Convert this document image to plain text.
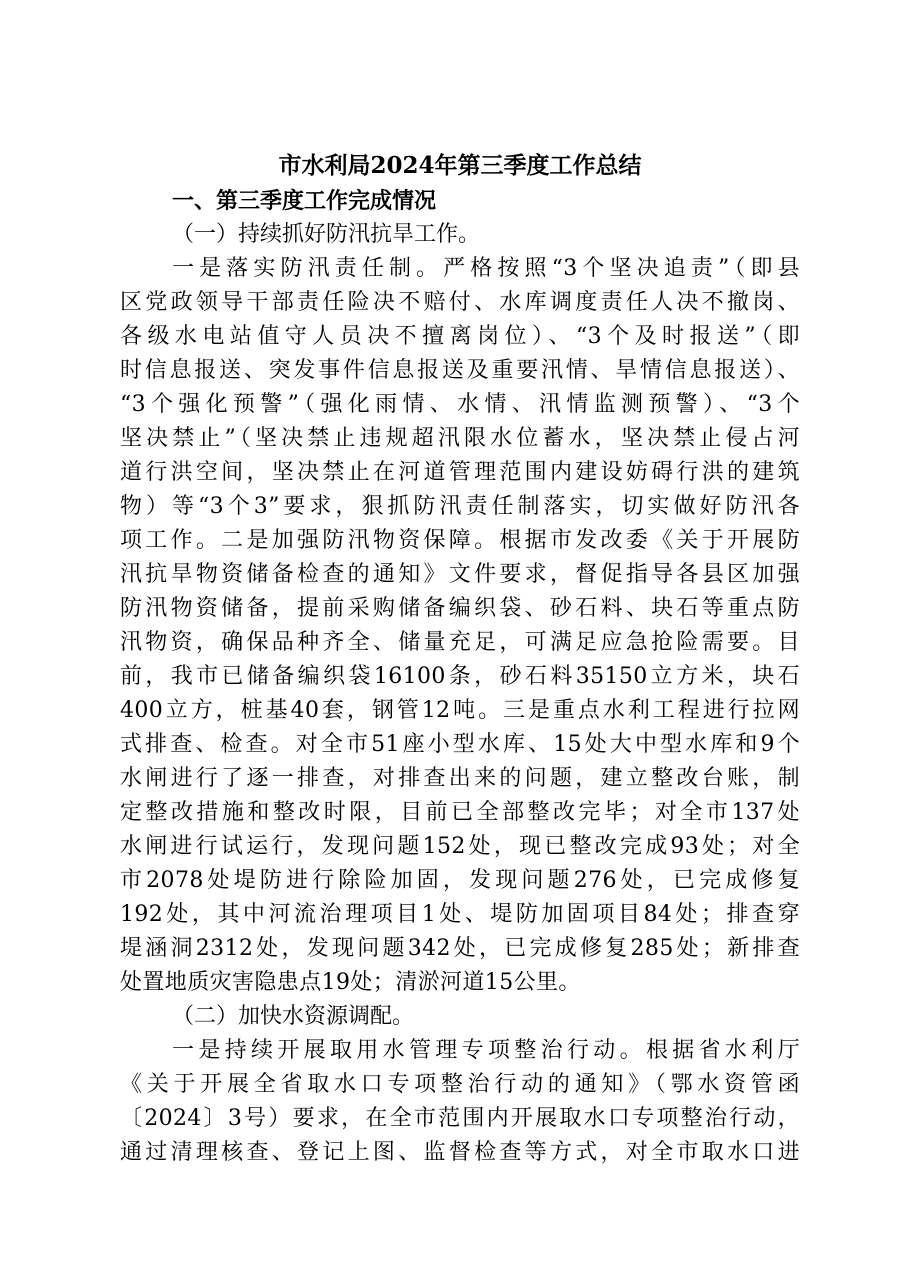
市水利局2024年第三季度工作总结
一、第三季度工作完成情况
（一）持续抓好防汛抗旱工作。
一是落实防汛责任制。严格按照“3个坚决追责”（即县
区党政领导干部责任险决不赔付、水库调度责任人决不撤岗、
各级水电站值守人员决不擅离岗位）、“3个及时报送”（即
时信息报送、突发事件信息报送及重要汛情、旱情信息报送）、
“3个强化预警”（强化雨情、水情、汛情监测预警）、“3个
坚决禁止”（坚决禁止违规超汛限水位蓄水，坚决禁止侵占河
道行洪空间，坚决禁止在河道管理范围内建设妨碍行洪的建筑
物）等“3个3”要求，狠抓防汛责任制落实，切实做好防汛各
项工作。二是加强防汛物资保障。根据市发改委《关于开展防
汛抗旱物资储备检查的通知》文件要求，督促指导各县区加强
防汛物资储备，提前采购储备编织袋、砂石料、块石等重点防
汛物资，确保品种齐全、储量充足，可满足应急抢险需要。目
前，我市已储备编织袋16100条，砂石料35150立方米，块石
400立方，桩基40套，钢管12吨。三是重点水利工程进行拉网
式排查、检查。对全市51座小型水库、15处大中型水库和9个
水闸进行了逐一排查，对排查出来的问题，建立整改台账，制
定整改措施和整改时限，目前已全部整改完毕；对全市137处
水闸进行试运行，发现问题152处，现已整改完成93处；对全
市2078处堤防进行除险加固，发现问题276处，已完成修复
192处，其中河流治理项目1处、堤防加固项目84处；排查穿
堤涵洞2312处，发现问题342处，已完成修复285处；新排查
处置地质灾害隐患点19处；清淤河道15公里。
（二）加快水资源调配。
一是持续开展取用水管理专项整治行动。根据省水利厅
《关于开展全省取水口专项整治行动的通知》（鄂水资管函
〔2024〕3号）要求，在全市范围内开展取水口专项整治行动，
通过清理核查、登记上图、监督检查等方式，对全市取水口进
